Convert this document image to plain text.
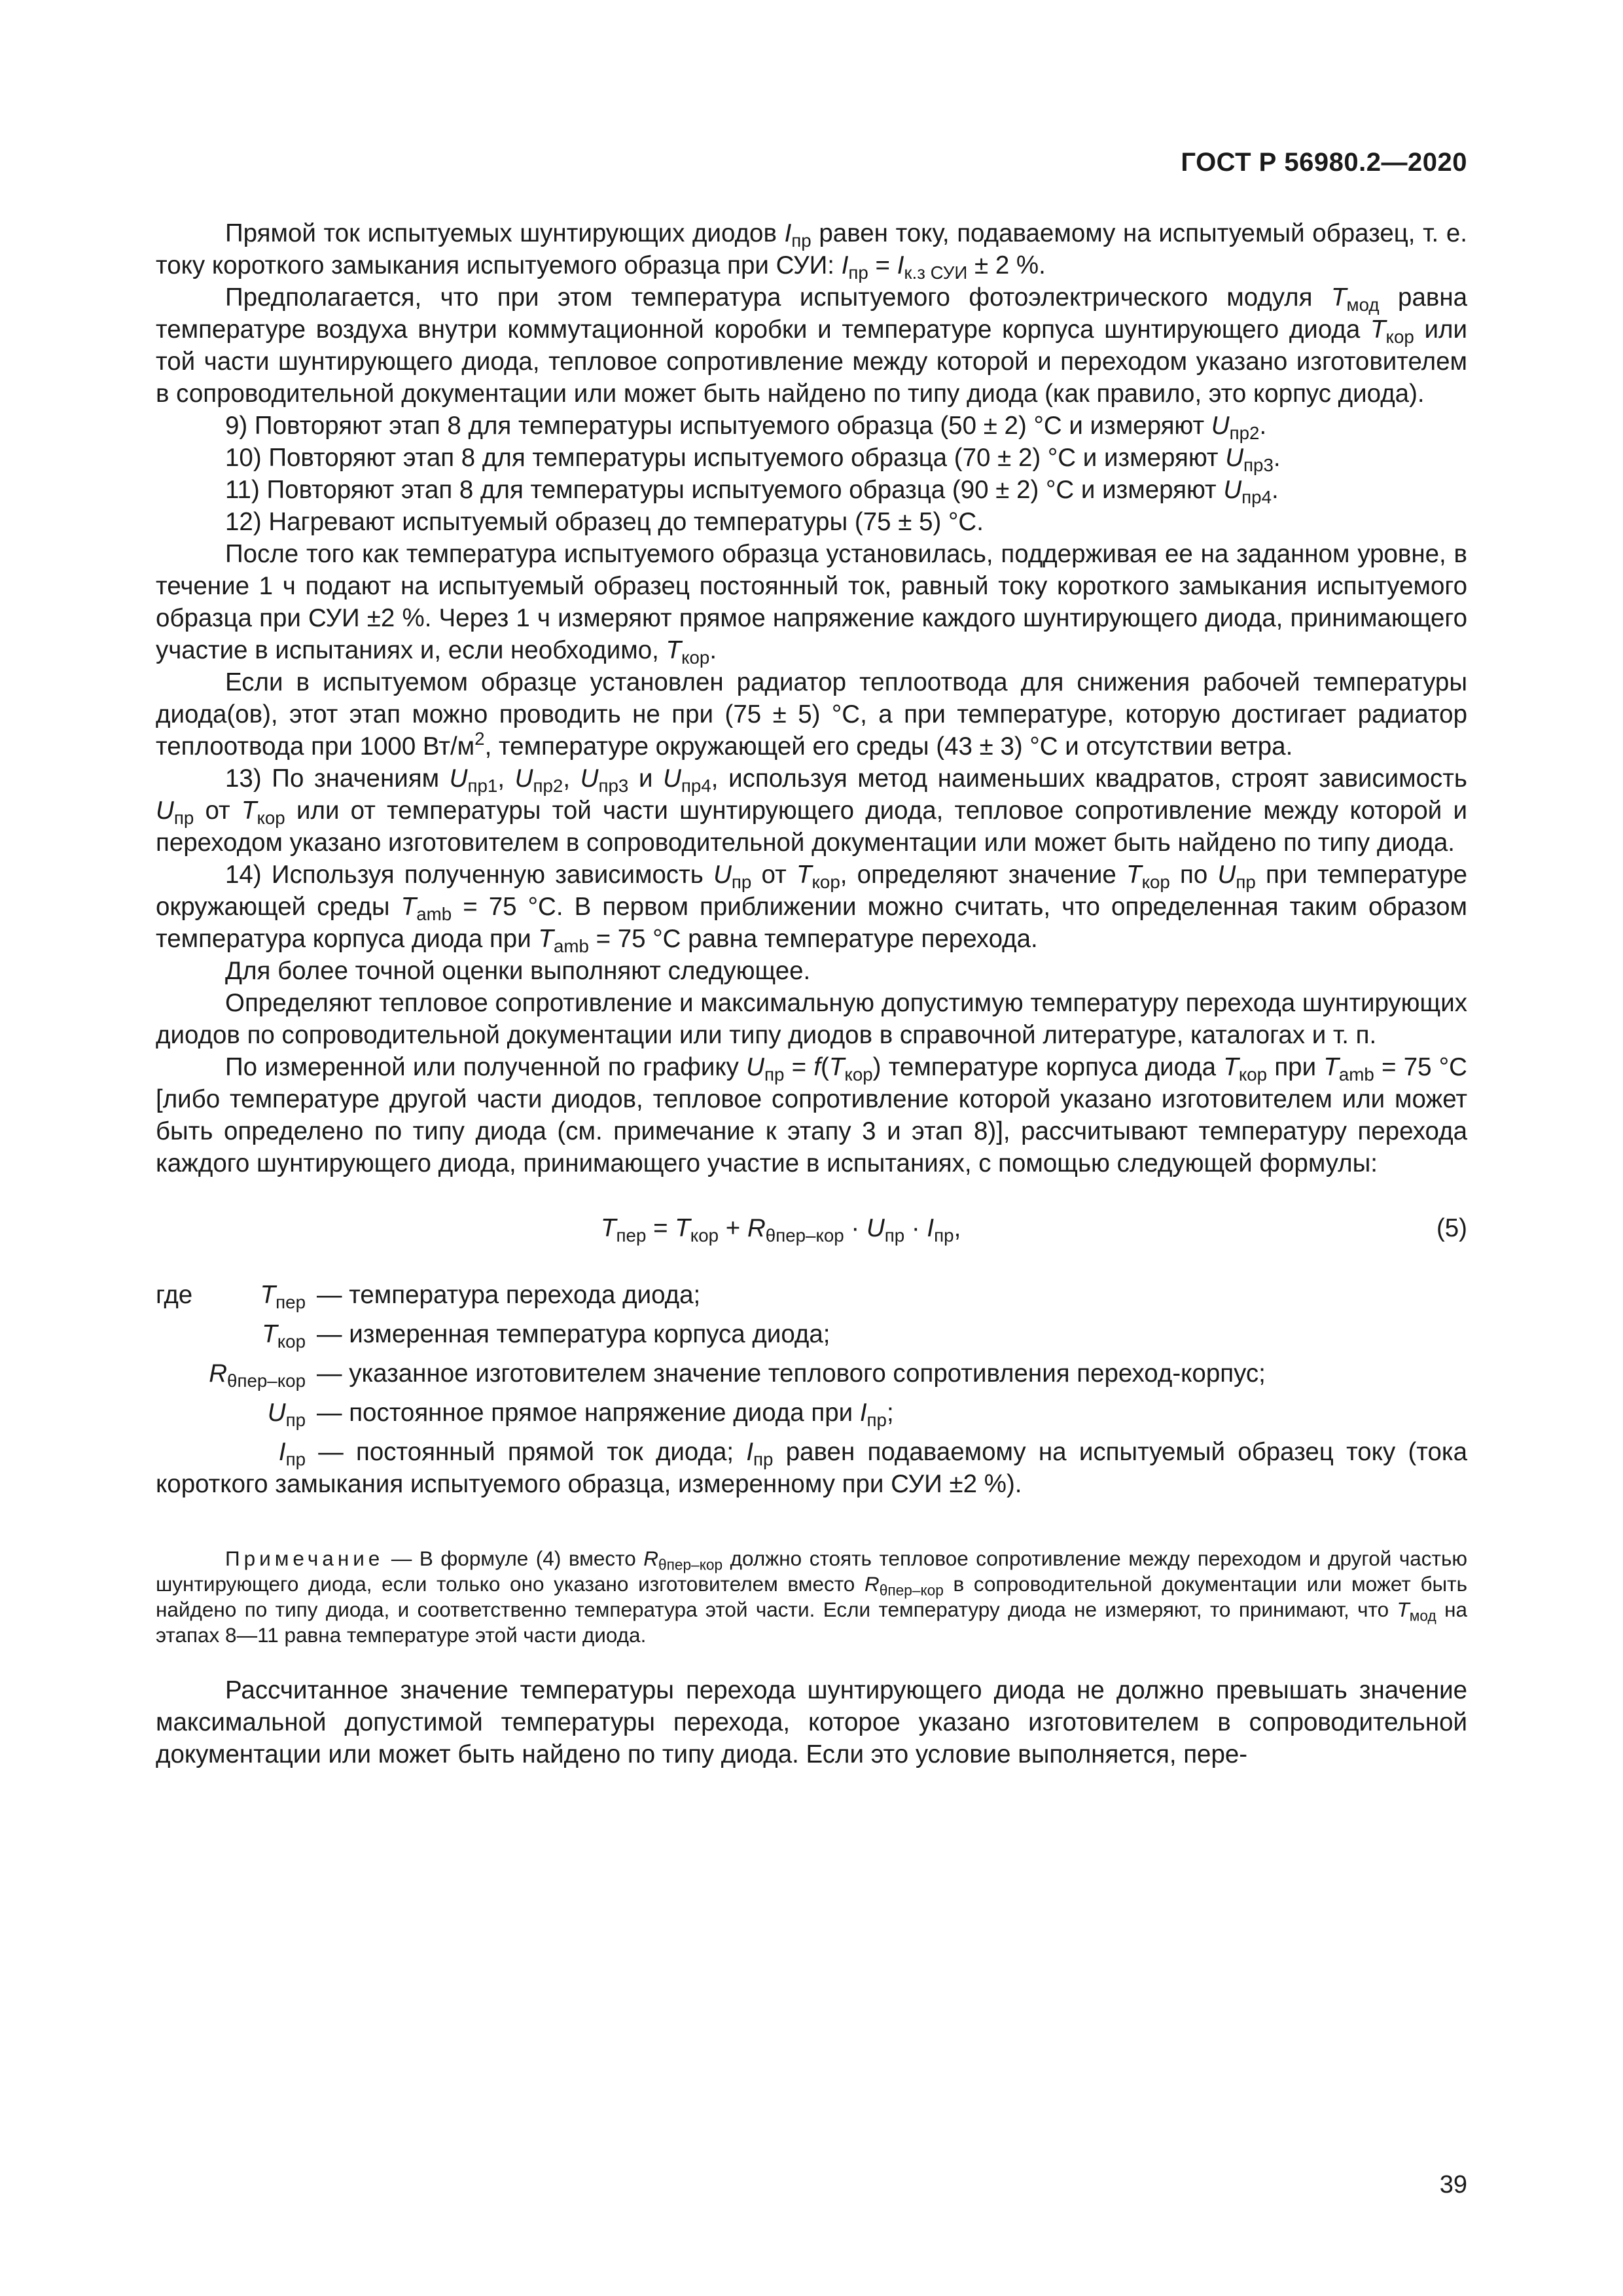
ГОСТ Р 56980.2—2020

Прямой ток испытуемых шунтирующих диодов $I_{пр}$ равен току, подаваемому на испытуемый образец, т. е. току короткого замыкания испытуемого образца при СУИ: $I_{пр} = I_{к.з СУИ} \pm 2$ %.

Предполагается, что при этом температура испытуемого фотоэлектрического модуля $T_{мод}$ равна температуре воздуха внутри коммутационной коробки и температуре корпуса шунтирующего диода $T_{кор}$ или той части шунтирующего диода, тепловое сопротивление между которой и переходом указано изготовителем в сопроводительной документации или может быть найдено по типу диода (как правило, это корпус диода).

9) Повторяют этап 8 для температуры испытуемого образца (50 ± 2) °С и измеряют $U_{пр2}$.

10) Повторяют этап 8 для температуры испытуемого образца (70 ± 2) °С и измеряют $U_{пр3}$.

11) Повторяют этап 8 для температуры испытуемого образца (90 ± 2) °С и измеряют $U_{пр4}$.

12) Нагревают испытуемый образец до температуры (75 ± 5) °С.

После того как температура испытуемого образца установилась, поддерживая ее на заданном уровне, в течение 1 ч подают на испытуемый образец постоянный ток, равный току короткого замыкания испытуемого образца при СУИ ±2 %. Через 1 ч измеряют прямое напряжение каждого шунтирующего диода, принимающего участие в испытаниях и, если необходимо, $T_{кор}$.

Если в испытуемом образце установлен радиатор теплоотвода для снижения рабочей температуры диода(ов), этот этап можно проводить не при (75 ± 5) °С, а при температуре, которую достигает радиатор теплоотвода при 1000 $Вт/м^2$, температуре окружающей его среды (43 ± 3) °С и отсутствии ветра.

13) По значениям $U_{пр1}$, $U_{пр2}$, $U_{пр3}$ и $U_{пр4}$, используя метод наименьших квадратов, строят зависимость $U_{пр}$ от $T_{кор}$ или от температуры той части шунтирующего диода, тепловое сопротивление между которой и переходом указано изготовителем в сопроводительной документации или может быть найдено по типу диода.

14) Используя полученную зависимость $U_{пр}$ от $T_{кор}$, определяют значение $T_{кор}$ по $U_{пр}$ при температуре окружающей среды $T_{amb} = 75$ °С. В первом приближении можно считать, что определенная таким образом температура корпуса диода при $T_{amb} = 75$ °С равна температуре перехода.

Для более точной оценки выполняют следующее.

Определяют тепловое сопротивление и максимальную допустимую температуру перехода шунтирующих диодов по сопроводительной документации или типу диодов в справочной литературе, каталогах и т. п.

По измеренной или полученной по графику $U_{пр} = f(T_{кор})$ температуре корпуса диода $T_{кор}$ при $T_{amb} = 75$ °С [либо температуре другой части диодов, тепловое сопротивление которой указано изготовителем или может быть определено по типу диода (см. примечание к этапу 3 и этап 8)], рассчитывают температуру перехода каждого шунтирующего диода, принимающего участие в испытаниях, с помощью следующей формулы:

$T_{пер} = T_{кор} + R_{\theta пер-кор} \cdot U_{пр} \cdot I_{пр}$,	(5)
где	$T_{пер}$ — температура перехода диода;
$T_{кор}$ — измеренная температура корпуса диода;
$R_{\theta пер-кор}$ — указанное изготовителем значение теплового сопротивления переход-корпус;
$U_{пр}$ — постоянное прямое напряжение диода при $I_{пр}$;

$I_{пр}$ — постоянный прямой ток диода; $I_{пр}$ равен подаваемому на испытуемый образец току (тока короткого замыкания испытуемого образца, измеренному при СУИ ±2 %).

Примечание — В формуле (4) вместо $R_{\theta пер-кор}$ должно стоять тепловое сопротивление между переходом и другой частью шунтирующего диода, если только оно указано изготовителем вместо $R_{\theta пер-кор}$ в сопроводительной документации или может быть найдено по типу диода, и соответственно температура этой части. Если температуру диода не измеряют, то принимают, что $T_{мод}$ на этапах 8—11 равна температуре этой части диода.

Рассчитанное значение температуры перехода шунтирующего диода не должно превышать значение максимальной допустимой температуры перехода, которое указано изготовителем в сопроводительной документации или может быть найдено по типу диода. Если это условие выполняется, пере-

39
